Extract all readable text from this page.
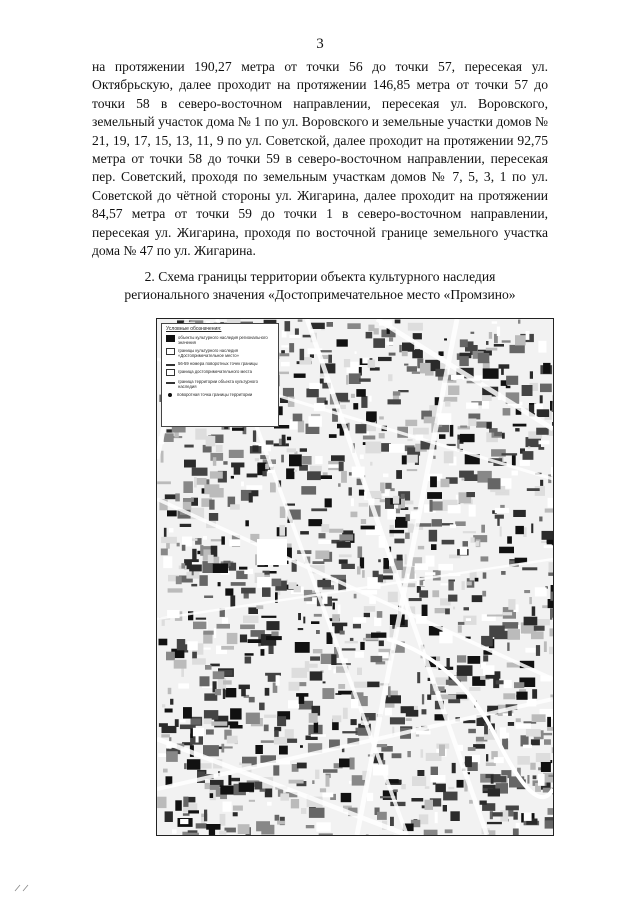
3

на протяжении 190,27 метра от точки 56 до точки 57, пересекая ул. Октябрьскую, далее проходит на протяжении 146,85 метра от точки 57 до точки 58 в северо-восточном направлении, пересекая ул. Воровского, земельный участок дома № 1 по ул. Воровского и земельные участки домов № 21, 19, 17, 15, 13, 11, 9 по ул. Советской, далее проходит на протяжении 92,75 метра от точки 58 до точки 59 в северо-восточном направлении, пересекая пер. Советский, проходя по земельным участкам домов № 7, 5, 3, 1 по ул. Советской до чётной стороны ул. Жигарина, далее проходит на протяжении 84,57 метра от точки 59 до точки 1 в северо-восточном направлении, пересекая ул. Жигарина, проходя по восточной границе земельного участка дома № 47 по ул. Жигарина.

2. Схема границы территории объекта культурного наследия
регионального значения «Достопримечательное место «Промзино»
Условные обозначения:
объекты культурного наследия регионального значения
границы культурного наследия «Достопримечательное место»
56-59 номера поворотных точек границы
граница достопримечательного места
граница территории объекта культурного наследия
поворотная точка границы территории
